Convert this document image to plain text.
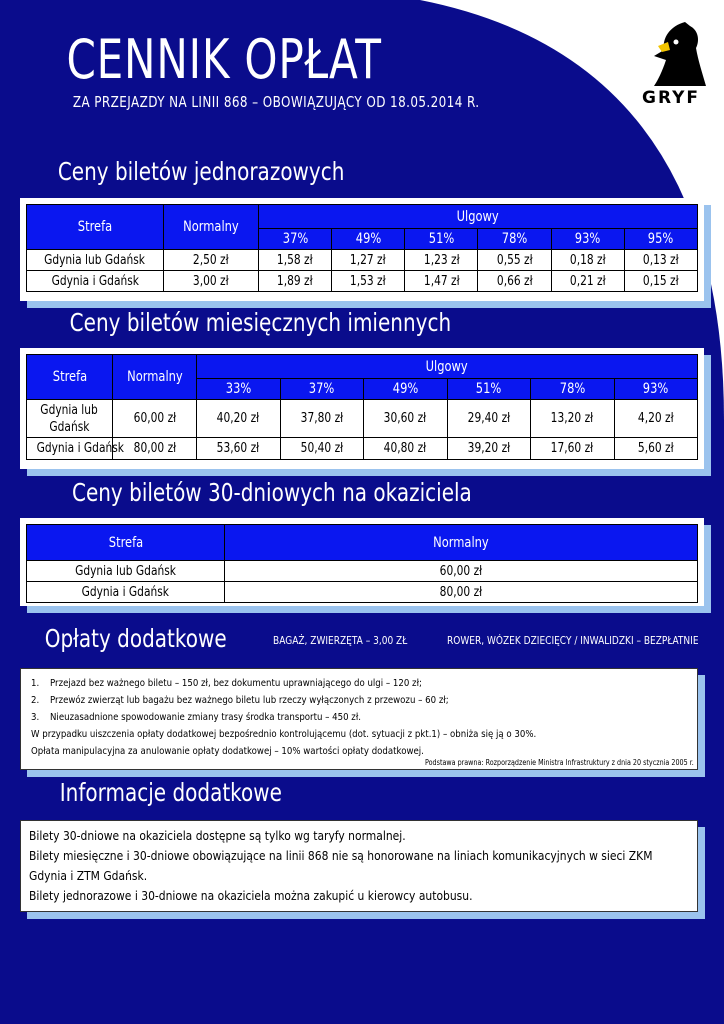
CENNIK OPŁAT
ZA PRZEJAZDY NA LINII 868 – OBOWIĄZUJĄCY OD 18.05.2014 R.	GRYF
Ceny biletów jednorazowych
Strefa	Normalny	Ulgowy					
		37%	49%	51%	78%	93%	95%
Gdynia lub Gdańsk	2,50 zł	1,58 zł	1,27 zł	1,23 zł	0,55 zł	0,18 zł	0,13 zł
Gdynia i Gdańsk	3,00 zł	1,89 zł	1,53 zł	1,47 zł	0,66 zł	0,21 zł	0,15 zł
Ceny biletów miesięcznych imiennych
Strefa	Normalny	Ulgowy					
		33%	37%	49%	51%	78%	93%
Gdynia lub
Gdańsk	60,00 zł	40,20 zł	37,80 zł	30,60 zł	29,40 zł	13,20 zł	4,20 zł
Gdynia i Gdańsk	80,00 zł	53,60 zł	50,40 zł	40,80 zł	39,20 zł	17,60 zł	5,60 zł
Ceny biletów 30-dniowych na okaziciela
Strefa	Normalny
Gdynia lub Gdańsk	60,00 zł
Gdynia i Gdańsk	80,00 zł
Opłaty dodatkowe	BAGAŻ, ZWIERZĘTA – 3,00 ZŁ	ROWER, WÓZEK DZIECIĘCY / INWALIDZKI – BEZPŁATNIE
1. Przejazd bez ważnego biletu – 150 zł, bez dokumentu uprawniającego do ulgi – 120 zł;
2. Przewóz zwierząt lub bagażu bez ważnego biletu lub rzeczy wyłączonych z przewozu – 60 zł;
3. Nieuzasadnione spowodowanie zmiany trasy środka transportu – 450 zł.
W przypadku uiszczenia opłaty dodatkowej bezpośrednio kontrolującemu (dot. sytuacji z pkt.1) – obniża się ją o 30%.
Opłata manipulacyjna za anulowanie opłaty dodatkowej – 10% wartości opłaty dodatkowej.
Podstawa prawna: Rozporządzenie Ministra Infrastruktury z dnia 20 stycznia 2005 r.
Informacje dodatkowe
Bilety 30-dniowe na okaziciela dostępne są tylko wg taryfy normalnej.
Bilety miesięczne i 30-dniowe obowiązujące na linii 868 nie są honorowane na liniach komunikacyjnych w sieci ZKM Gdynia i ZTM Gdańsk.
Bilety jednorazowe i 30-dniowe na okaziciela można zakupić u kierowcy autobusu.
